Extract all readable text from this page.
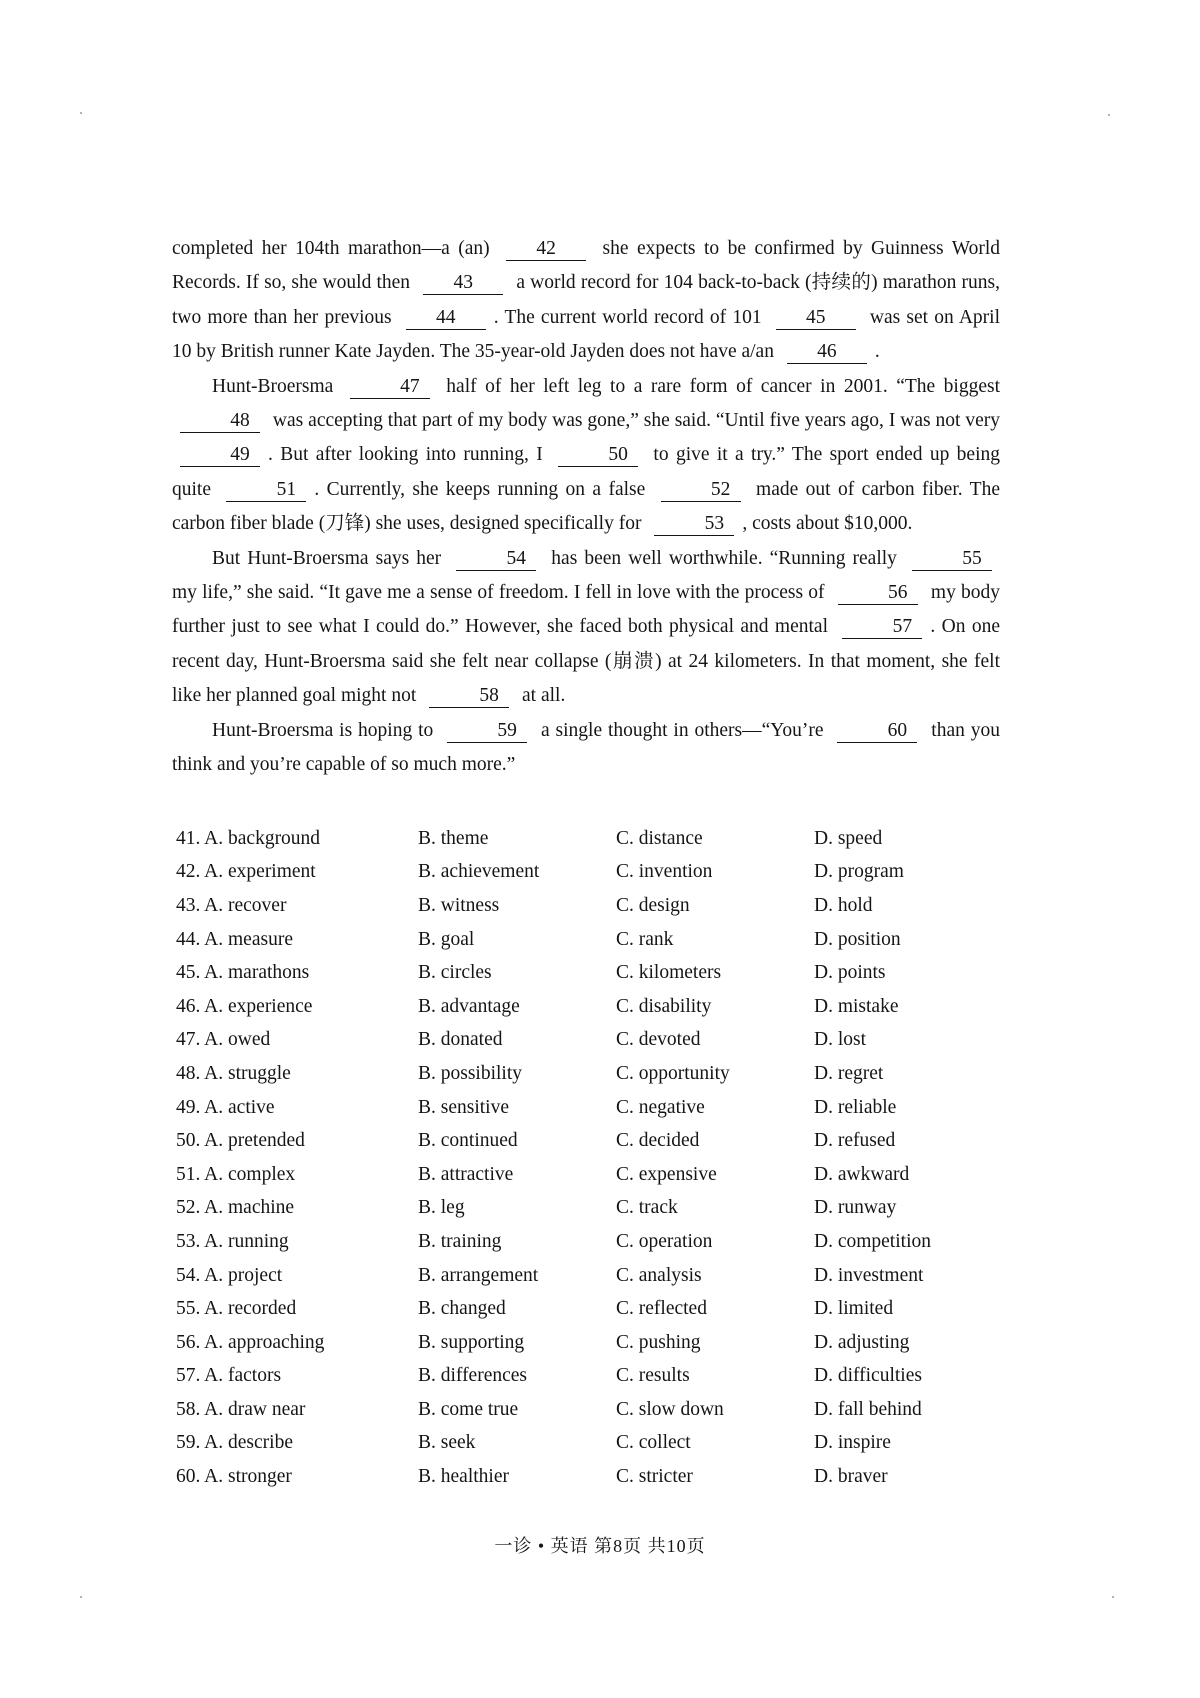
completed her 104th marathon—a (an) 42 she expects to be confirmed by Guinness World Records. If so, she would then 43 a world record for 104 back-to-back (持续的) marathon runs, two more than her previous 44 . The current world record of 101 45 was set on April 10 by British runner Kate Jayden. The 35-year-old Jayden does not have a/an 46 .

Hunt-Broersma	47 half of her left leg to a rare form of cancer in 2001. “The biggest 48 was accepting that part of my body was gone,” she said. “Until five years ago, I was not very 49 . But after looking into running, I	50 to give it a try.” The sport ended up being quite	51 . Currently, she keeps running on a false	52 made out of carbon fiber. The carbon fiber blade (刀锋) she uses, designed specifically for	53 , costs about $10,000.

But Hunt-Broersma says her	54 has been well worthwhile. “Running really	55 my life,” she said. “It gave me a sense of freedom. I fell in love with the process of	56 my body further just to see what I could do.” However, she faced both physical and mental	57 . On one recent day, Hunt-Broersma said she felt near collapse (崩溃) at 24 kilometers. In that moment, she felt like her planned goal might not	58 at all.

Hunt-Broersma is hoping to	59 a single thought in others—“You’re	60 than you think and you’re capable of so much more.”

41. A. background	B. theme	C. distance	D. speed
42. A. experiment	B. achievement	C. invention	D. program
43. A. recover	B. witness	C. design	D. hold
44. A. measure	B. goal	C. rank	D. position
45. A. marathons	B. circles	C. kilometers	D. points
46. A. experience	B. advantage	C. disability	D. mistake
47. A. owed	B. donated	C. devoted	D. lost
48. A. struggle	B. possibility	C. opportunity	D. regret
49. A. active	B. sensitive	C. negative	D. reliable
50. A. pretended	B. continued	C. decided	D. refused
51. A. complex	B. attractive	C. expensive	D. awkward
52. A. machine	B. leg	C. track	D. runway
53. A. running	B. training	C. operation	D. competition
54. A. project	B. arrangement	C. analysis	D. investment
55. A. recorded	B. changed	C. reflected	D. limited
56. A. approaching	B. supporting	C. pushing	D. adjusting
57. A. factors	B. differences	C. results	D. difficulties
58. A. draw near	B. come true	C. slow down	D. fall behind
59. A. describe	B. seek	C. collect	D. inspire
60. A. stronger	B. healthier	C. stricter	D. braver
一诊 • 英语 第8页 共10页
